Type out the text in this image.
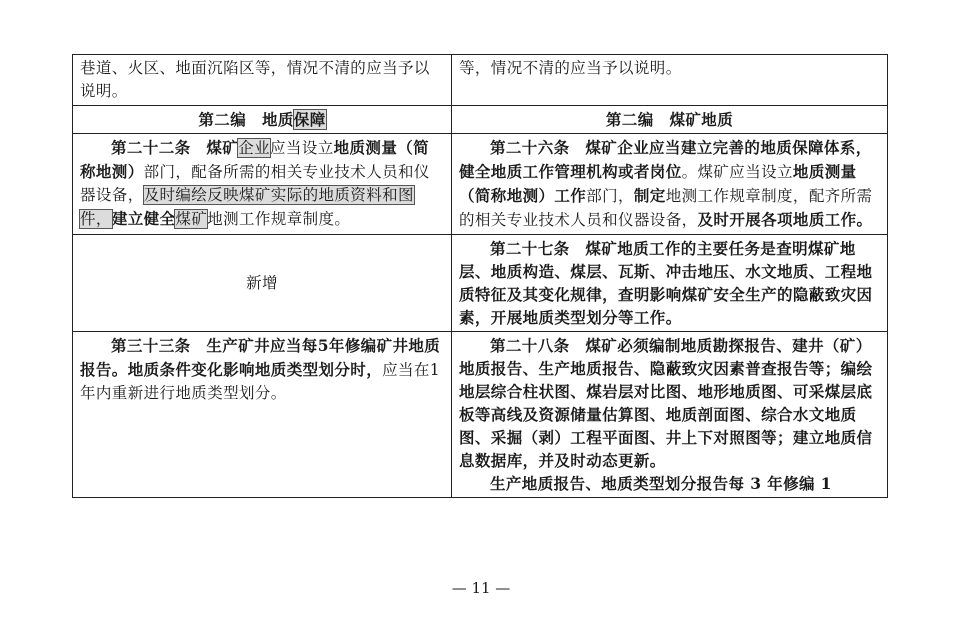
巷道、火区、地面沉陷区等，情况不清的应当予以说明。	等，情况不清的应当予以说明。
第二编　地质保障	第二编　煤矿地质
第二十二条　煤矿企业应当设立地质测量（简称地测）部门，配备所需的相关专业技术人员和仪器设备，及时编绘反映煤矿实际的地质资料和图件，建立健全煤矿地测工作规章制度。	第二十六条　煤矿企业应当建立完善的地质保障体系，健全地质工作管理机构或者岗位。煤矿应当设立地质测量（简称地测）工作部门，制定地测工作规章制度，配齐所需的相关专业技术人员和仪器设备，及时开展各项地质工作。
新增	第二十七条　煤矿地质工作的主要任务是查明煤矿地层、地质构造、煤层、瓦斯、冲击地压、水文地质、工程地质特征及其变化规律，查明影响煤矿安全生产的隐蔽致灾因素，开展地质类型划分等工作。
第三十三条　生产矿井应当每5年修编矿井地质报告。地质条件变化影响地质类型划分时，应当在1年内重新进行地质类型划分。	第二十八条　煤矿必须编制地质勘探报告、建井（矿）地质报告、生产地质报告、隐蔽致灾因素普查报告等；编绘地层综合柱状图、煤岩层对比图、地形地质图、可采煤层底板等高线及资源储量估算图、地质剖面图、综合水文地质图、采掘（剥）工程平面图、井上下对照图等；建立地质信息数据库，并及时动态更新。
生产地质报告、地质类型划分报告每 3 年修编 1
— 11 —
